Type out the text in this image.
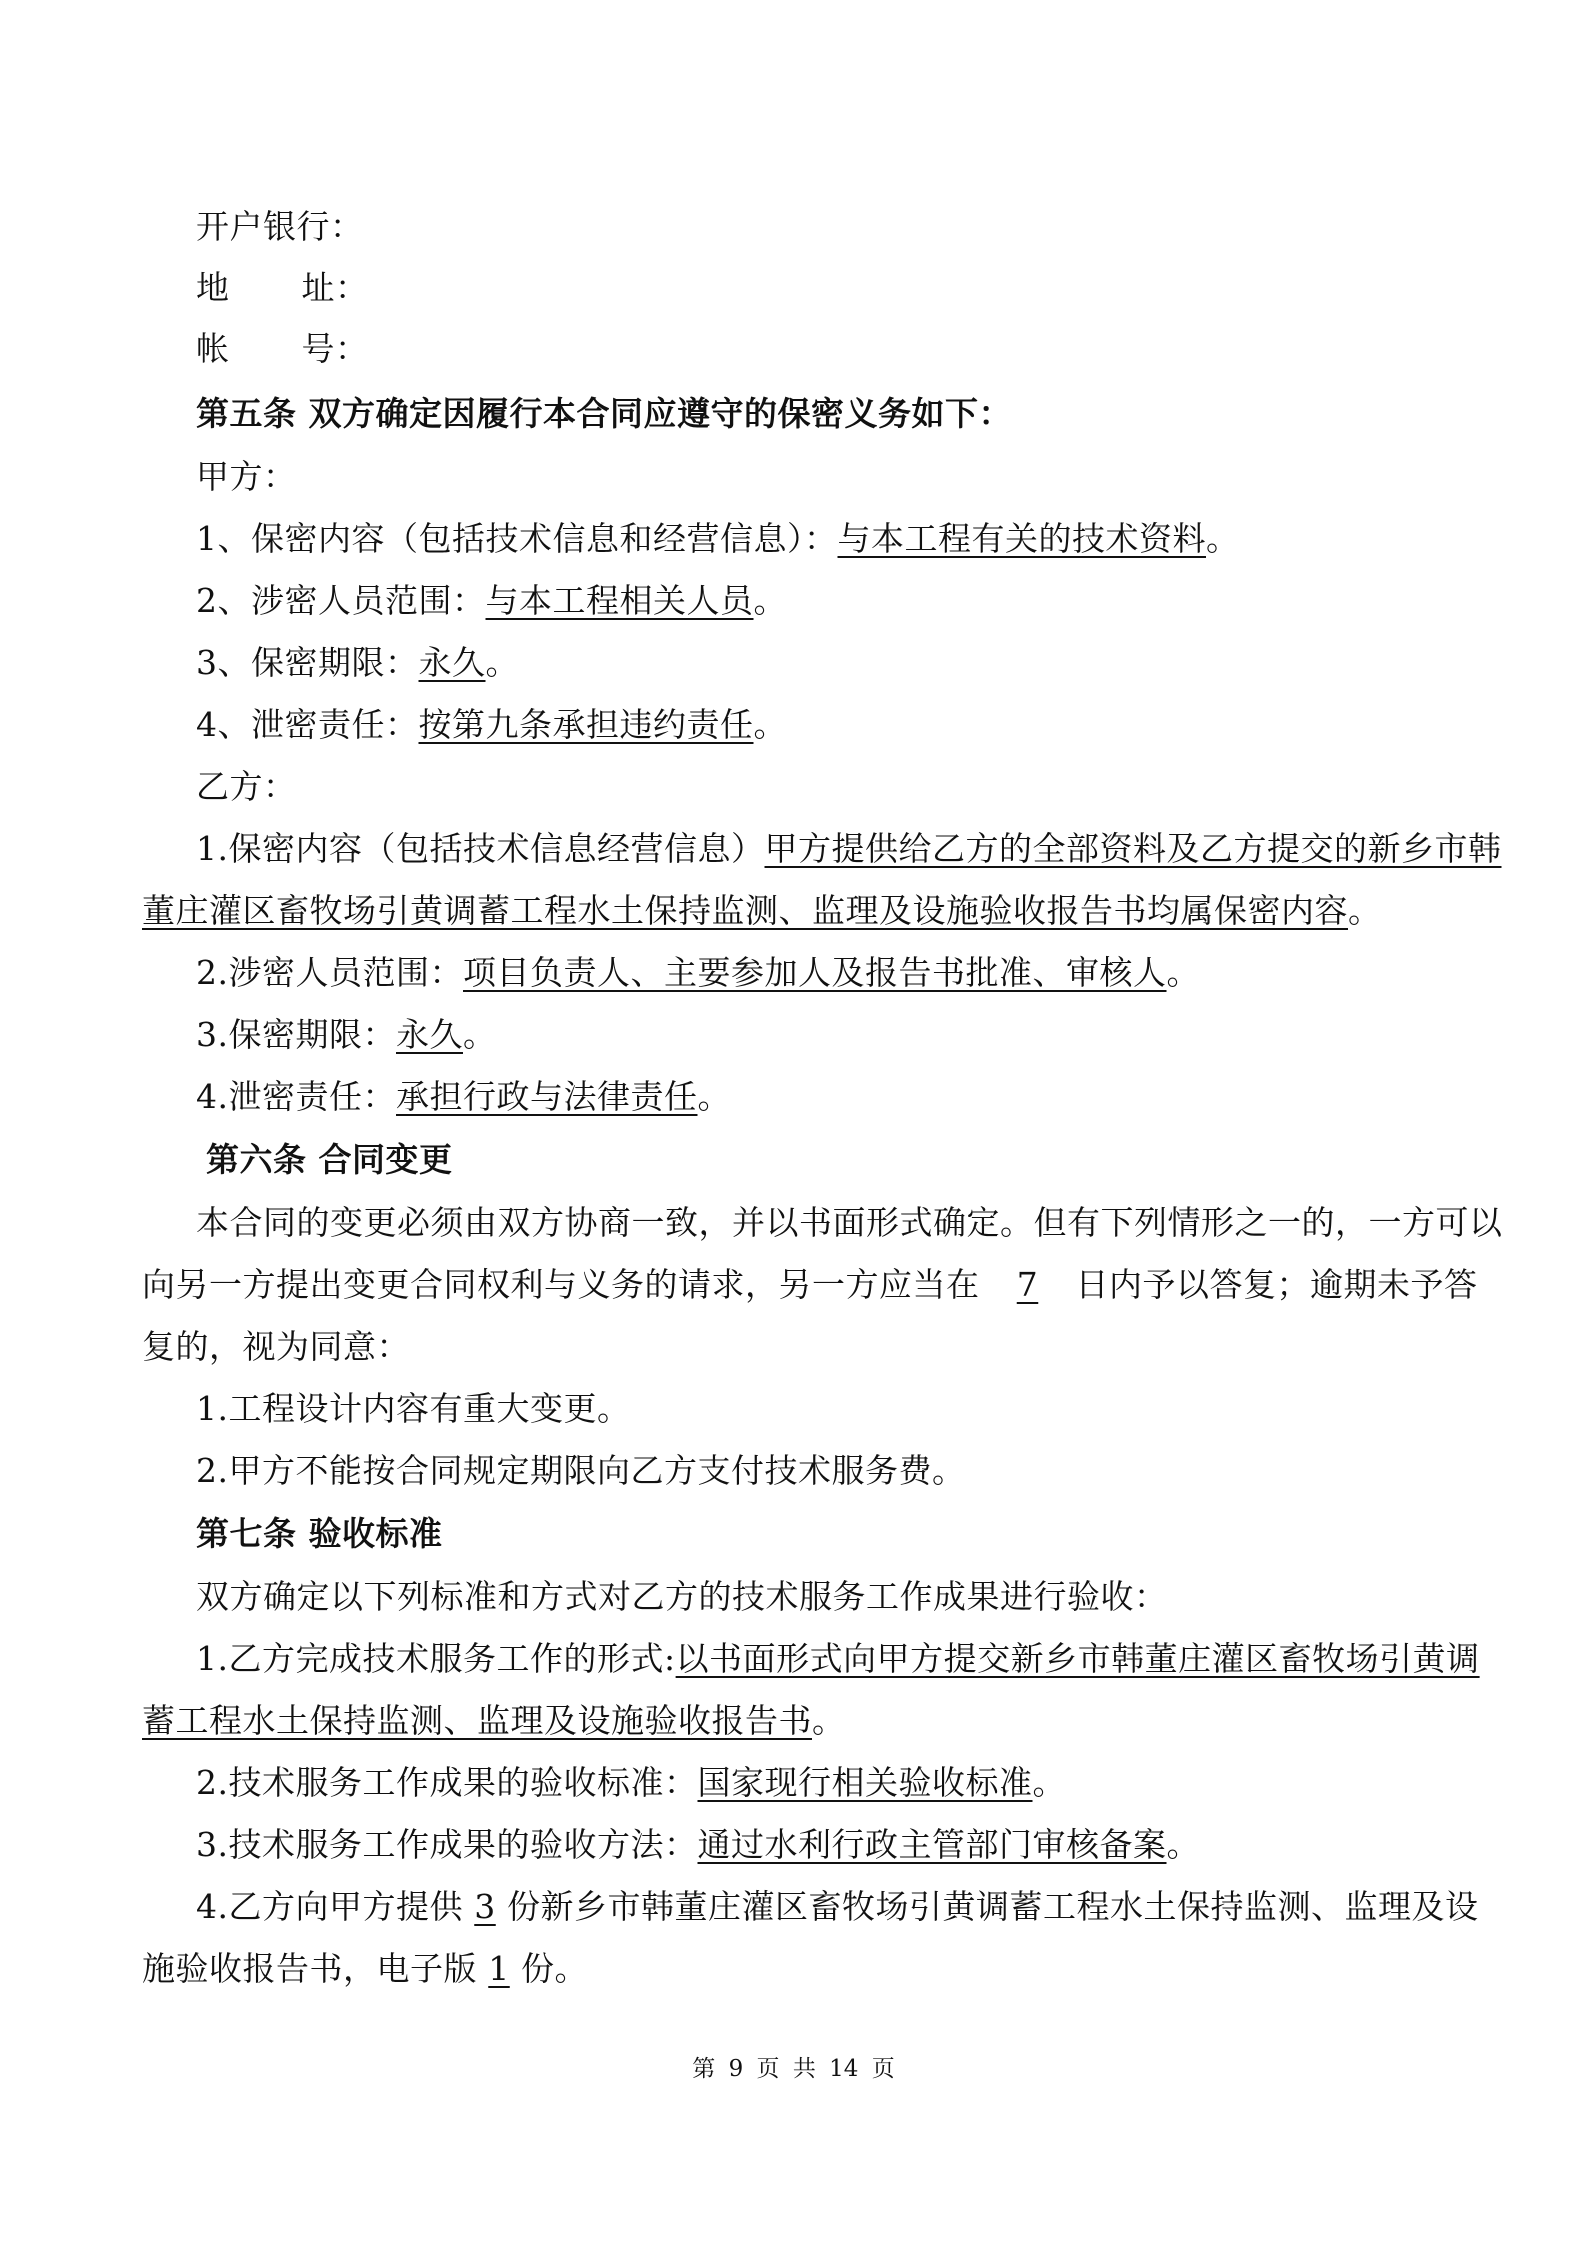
开户银行：
地 址：
帐 号：
第五条 双方确定因履行本合同应遵守的保密义务如下：
甲方：
1、保密内容（包括技术信息和经营信息）：与本工程有关的技术资料。
2、涉密人员范围：与本工程相关人员。
3、保密期限：永久。
4、泄密责任：按第九条承担违约责任。
乙方：
1.保密内容（包括技术信息经营信息）甲方提供给乙方的全部资料及乙方提交的新乡市韩
董庄灌区畜牧场引黄调蓄工程水土保持监测、监理及设施验收报告书均属保密内容。
2.涉密人员范围：项目负责人、主要参加人及报告书批准、审核人。
3.保密期限：永久。
4.泄密责任：承担行政与法律责任。
第六条 合同变更
本合同的变更必须由双方协商一致，并以书面形式确定。但有下列情形之一的，一方可以
向另一方提出变更合同权利与义务的请求，另一方应当在 7 日内予以答复；逾期未予答
复的，视为同意：
1.工程设计内容有重大变更。
2.甲方不能按合同规定期限向乙方支付技术服务费。
第七条 验收标准
双方确定以下列标准和方式对乙方的技术服务工作成果进行验收：
1.乙方完成技术服务工作的形式:以书面形式向甲方提交新乡市韩董庄灌区畜牧场引黄调
蓄工程水土保持监测、监理及设施验收报告书。
2.技术服务工作成果的验收标准：国家现行相关验收标准。
3.技术服务工作成果的验收方法：通过水利行政主管部门审核备案。
4.乙方向甲方提供 3 份新乡市韩董庄灌区畜牧场引黄调蓄工程水土保持监测、监理及设
施验收报告书，电子版 1 份。
第 9 页 共 14 页
